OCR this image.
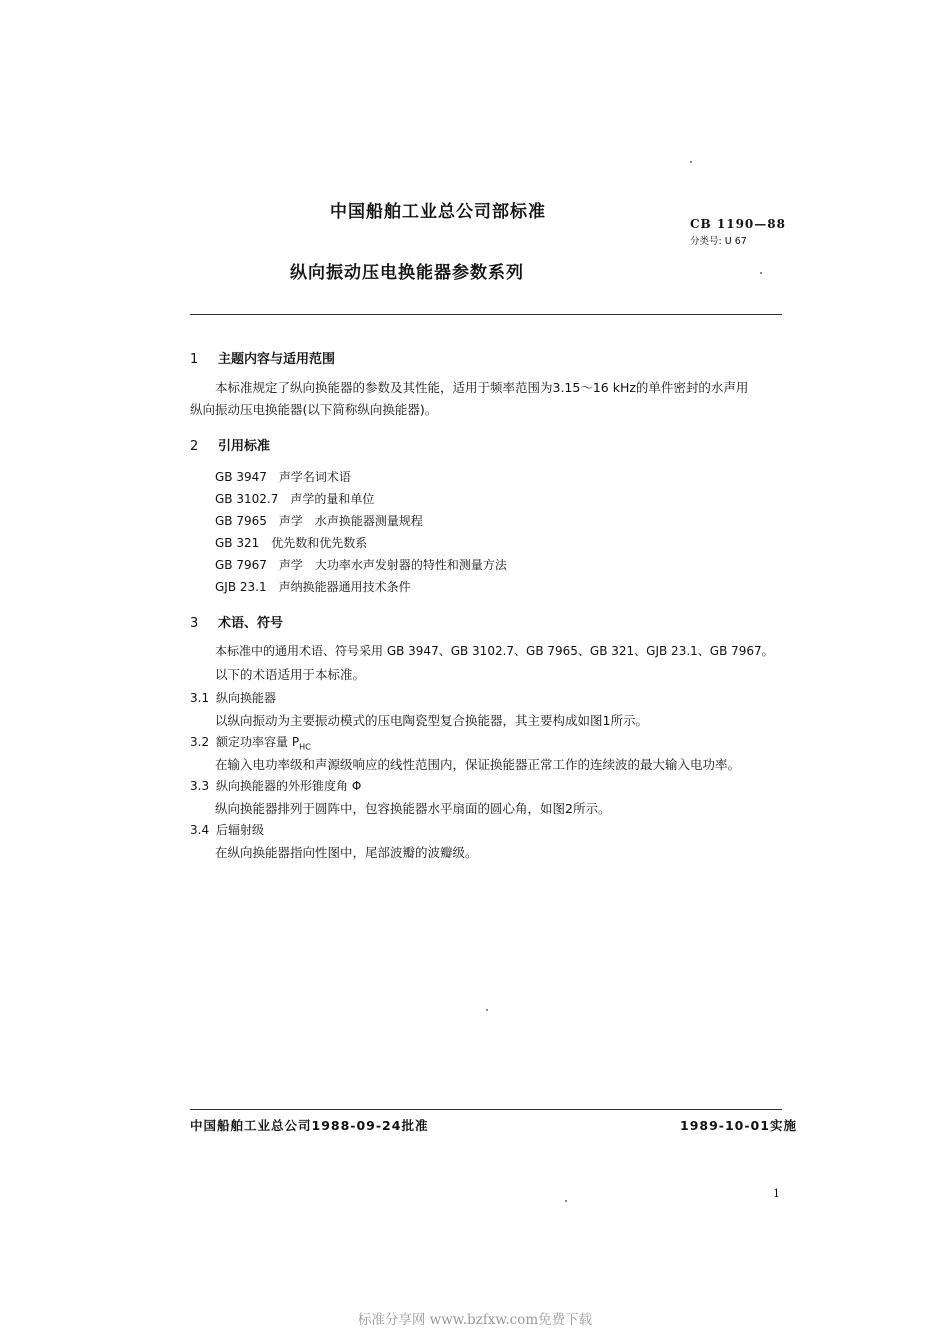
中国船舶工业总公司部标准
CB 1190—88
分类号: U 67
纵向振动压电换能器参数系列
1 主题内容与适用范围
本标准规定了纵向换能器的参数及其性能，适用于频率范围为3.15～16 kHz的单件密封的水声用
纵向振动压电换能器(以下简称纵向换能器)。
2 引用标准
GB 3947　声学名词术语
GB 3102.7　声学的量和单位
GB 7965　声学　水声换能器测量规程
GB 321　优先数和优先数系
GB 7967　声学　大功率水声发射器的特性和测量方法
GJB 23.1　声纳换能器通用技术条件
3 术语、符号
本标准中的通用术语、符号采用 GB 3947、GB 3102.7、GB 7965、GB 321、GJB 23.1、GB 7967。
以下的术语适用于本标准。
3.1 纵向换能器
以纵向振动为主要振动模式的压电陶瓷型复合换能器，其主要构成如图1所示。
3.2 额定功率容量 $P_{HC}$
在输入电功率级和声源级响应的线性范围内，保证换能器正常工作的连续波的最大输入电功率。
3.3 纵向换能器的外形锥度角 Φ
纵向换能器排列于圆阵中，包容换能器水平扇面的圆心角，如图2所示。
3.4 后辐射级
在纵向换能器指向性图中，尾部波瓣的波瓣级。
中国船舶工业总公司1988-09-24批准	1989-10-01实施
1
标准分享网 www.bzfxw.com免费下载
